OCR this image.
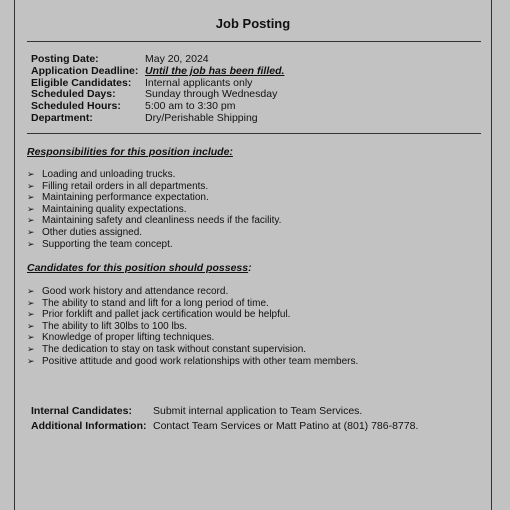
Job Posting
Posting Date:	May 20, 2024
Application Deadline: Until the job has been filled.
Eligible Candidates:	Internal applicants only
Scheduled Days:	Sunday through Wednesday
Scheduled Hours:	5:00 am to 3:30 pm
Department:	Dry/Perishable Shipping
Responsibilities for this position include:
➢ Loading and unloading trucks.
➢ Filling retail orders in all departments.
➢ Maintaining performance expectation.
➢ Maintaining quality expectations.
➢ Maintaining safety and cleanliness needs if the facility.
➢ Other duties assigned.
➢ Supporting the team concept.
Candidates for this position should possess:
➢ Good work history and attendance record.
➢ The ability to stand and lift for a long period of time.
➢ Prior forklift and pallet jack certification would be helpful.
➢ The ability to lift 30lbs to 100 lbs.
➢ Knowledge of proper lifting techniques.
➢ The dedication to stay on task without constant supervision.
➢ Positive attitude and good work relationships with other team members.
Internal Candidates:	Submit internal application to Team Services.
Additional Information: Contact Team Services or Matt Patino at (801) 786-8778.
